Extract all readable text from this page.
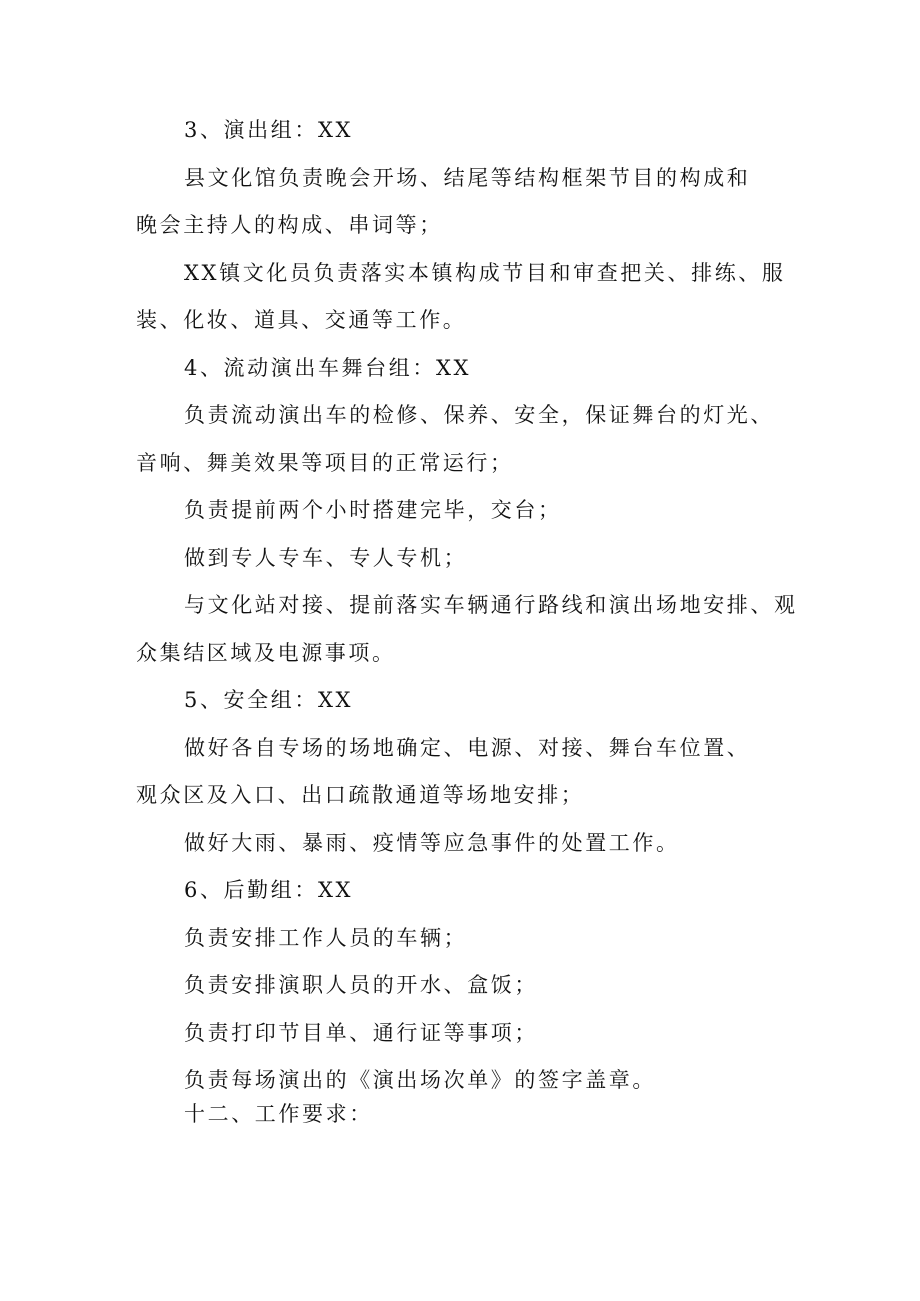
3、演出组：XX
县文化馆负责晚会开场、结尾等结构框架节目的构成和
晚会主持人的构成、串词等；
XX镇文化员负责落实本镇构成节目和审查把关、排练、服
装、化妆、道具、交通等工作。
4、流动演出车舞台组：XX
负责流动演出车的检修、保养、安全，保证舞台的灯光、
音响、舞美效果等项目的正常运行；
负责提前两个小时搭建完毕，交台；
做到专人专车、专人专机；
与文化站对接、提前落实车辆通行路线和演出场地安排、观
众集结区域及电源事项。
5、安全组：XX
做好各自专场的场地确定、电源、对接、舞台车位置、
观众区及入口、出口疏散通道等场地安排；
做好大雨、暴雨、疫情等应急事件的处置工作。
6、后勤组：XX
负责安排工作人员的车辆；
负责安排演职人员的开水、盒饭；
负责打印节目单、通行证等事项；
负责每场演出的《演出场次单》的签字盖章。
十二、工作要求：
